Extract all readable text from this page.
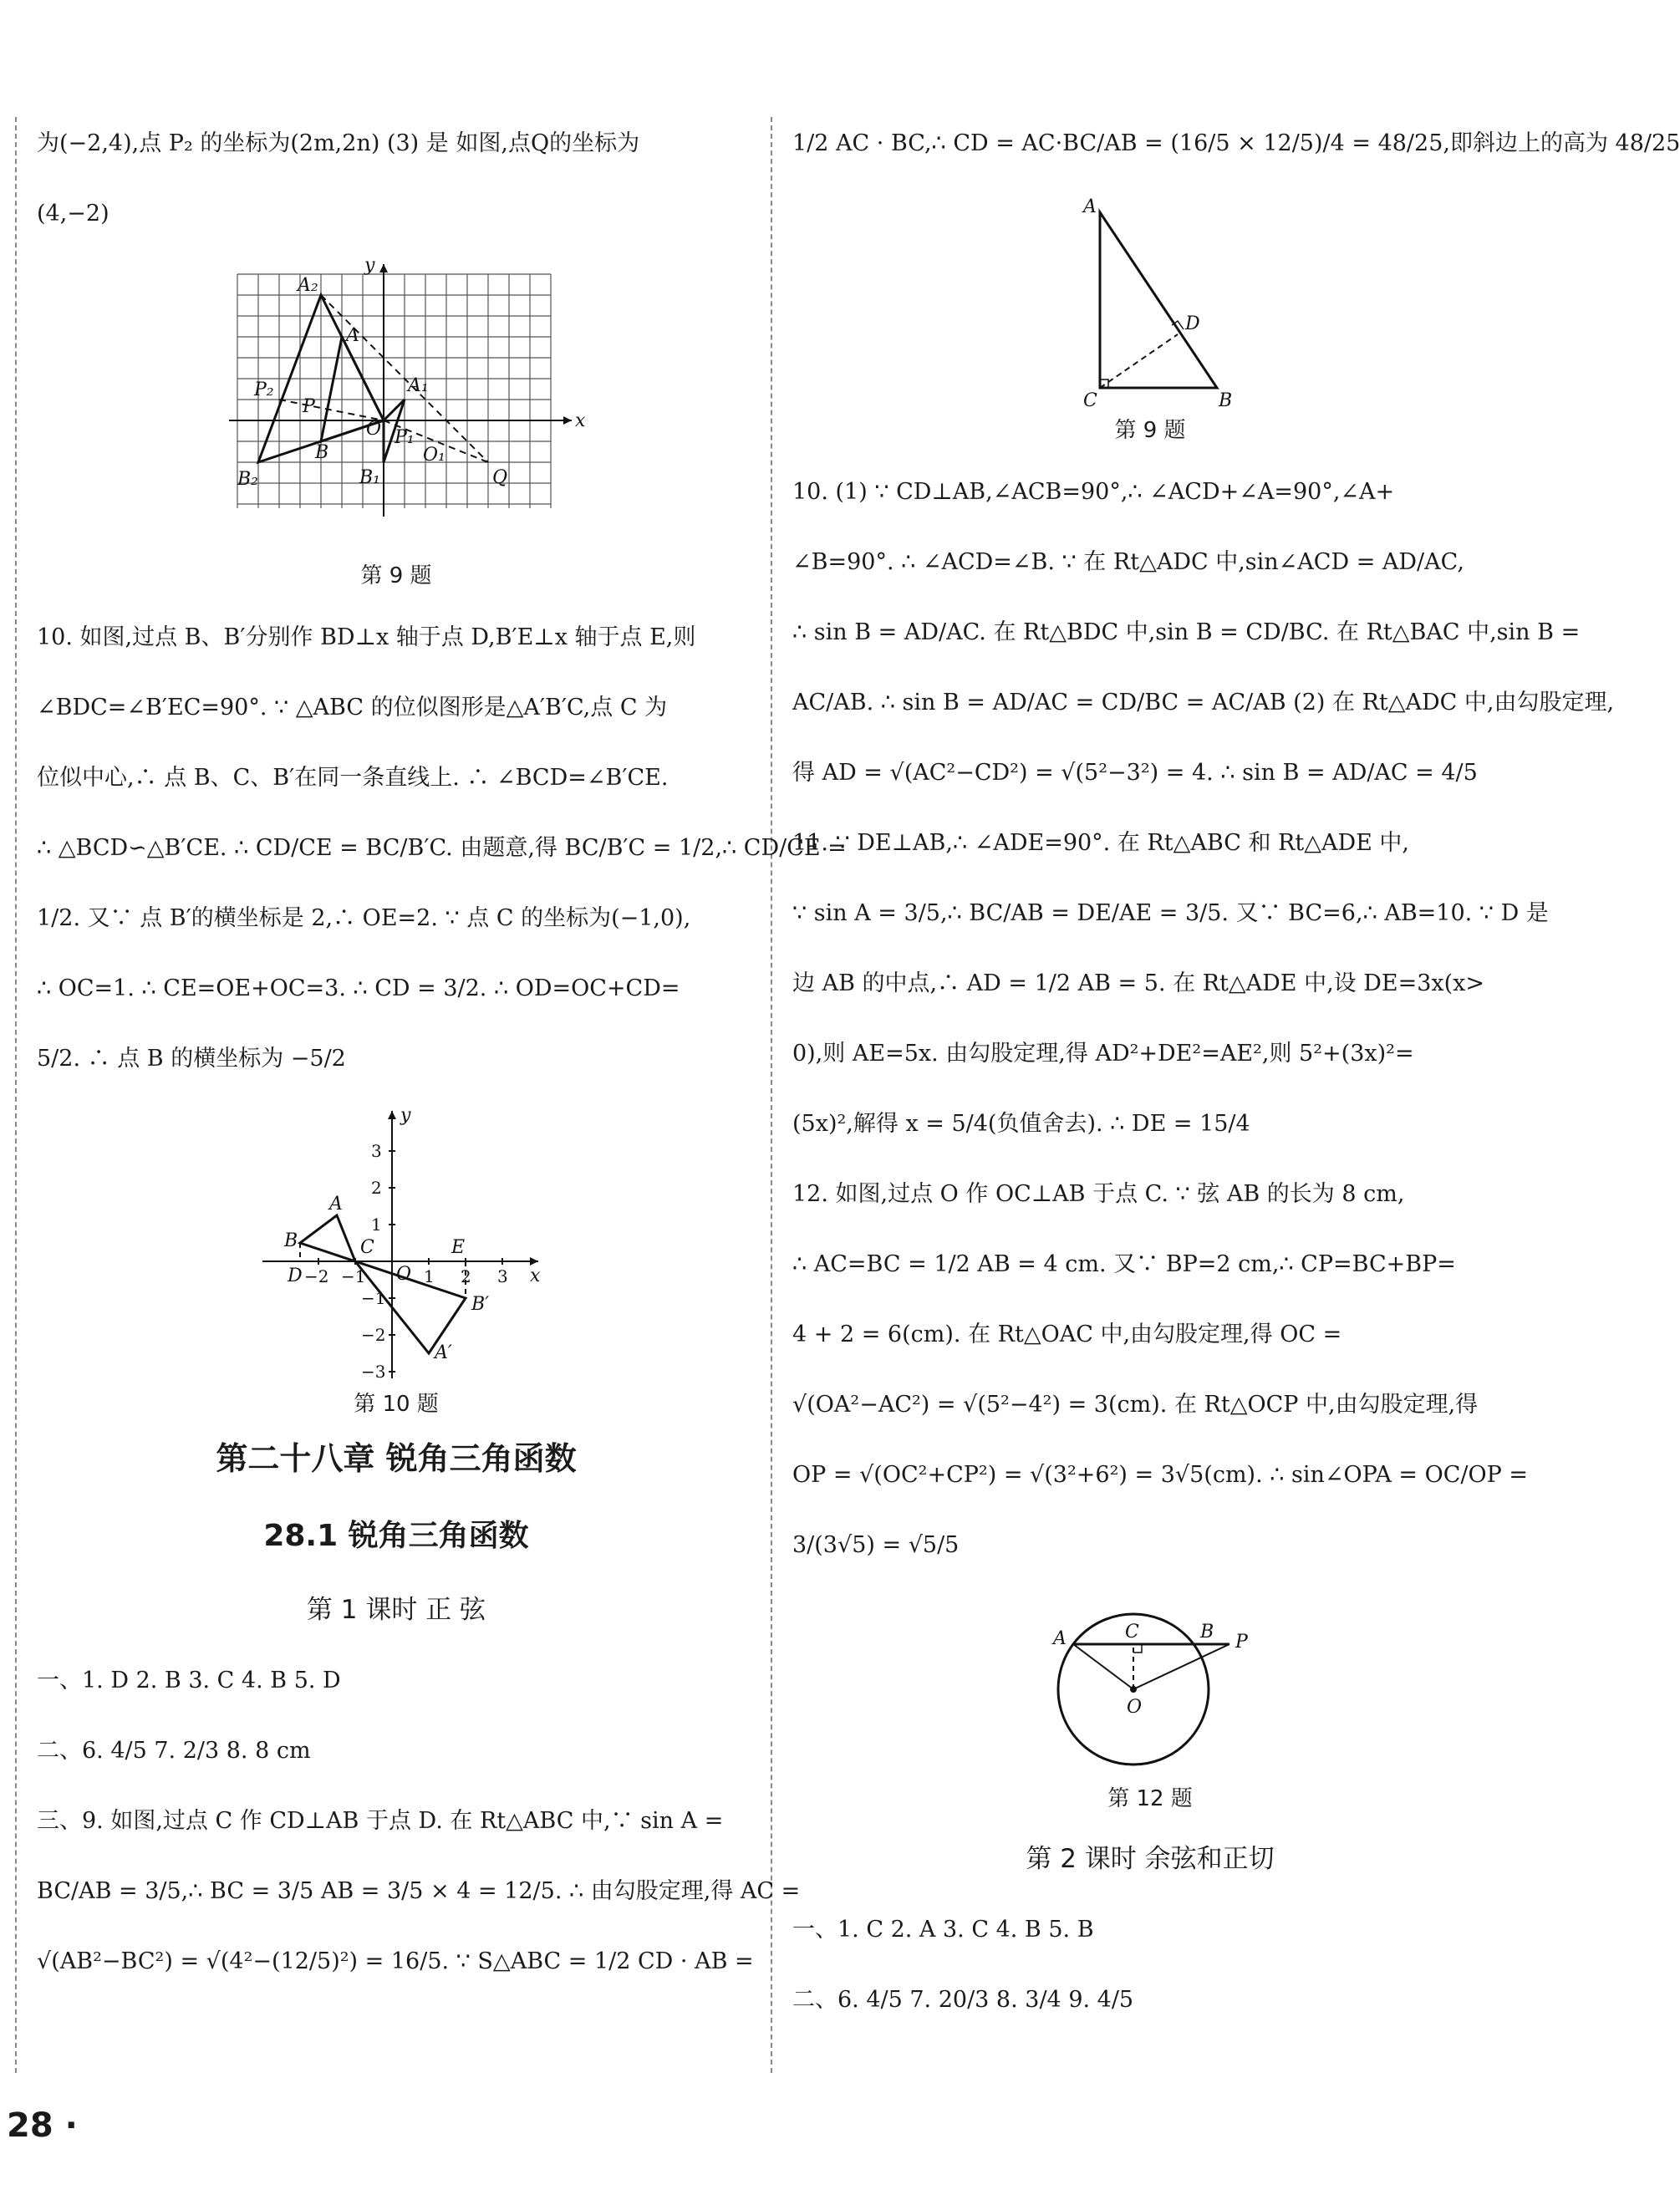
为(−2,4),点 P₂ 的坐标为(2m,2n) (3) 是 如图,点Q的坐标为

(4,−2)

y
x
A₂
A
P₂
P
A₁
O P₁
O₁
B
B₁
B₂	Q
第 9 题

10. 如图,过点 B、B′分别作 BD⊥x 轴于点 D,B′E⊥x 轴于点 E,则

∠BDC=∠B′EC=90°. ∵ △ABC 的位似图形是△A′B′C,点 C 为

位似中心,∴ 点 B、C、B′在同一条直线上. ∴ ∠BCD=∠B′CE.

∴ △BCD∽△B′CE. ∴ CD/CE = BC/B′C. 由题意,得 BC/B′C = 1/2,∴ CD/CE =

1/2. 又∵ 点 B′的横坐标是 2,∴ OE=2. ∵ 点 C 的坐标为(−1,0),

∴ OC=1. ∴ CE=OE+OC=3. ∴ CD = 3/2. ∴ OD=OC+CD=

5/2. ∴ 点 B 的横坐标为 −5/2

−2 −1	1 2 3
3
2
1
−1
−2
−3
y
x
A
B	C
D
E
O
A′
B′
第 10 题
第二十八章 锐角三角函数
28.1 锐角三角函数
第 1 课时 正 弦

一、1. D 2. B 3. C 4. B 5. D

二、6. 4/5 7. 2/3 8. 8 cm

三、9. 如图,过点 C 作 CD⊥AB 于点 D. 在 Rt△ABC 中,∵ sin A =

BC/AB = 3/5,∴ BC = 3/5 AB = 3/5 × 4 = 12/5. ∴ 由勾股定理,得 AC =

√(AB²−BC²) = √(4²−(12/5)²) = 16/5. ∵ S△ABC = 1/2 CD · AB =

1/2 AC · BC,∴ CD = AC·BC/AB = (16/5 × 12/5)/4 = 48/25,即斜边上的高为 48/25

A
D
C	B
第 9 题

10. (1) ∵ CD⊥AB,∠ACB=90°,∴ ∠ACD+∠A=90°,∠A+

∠B=90°. ∴ ∠ACD=∠B. ∵ 在 Rt△ADC 中,sin∠ACD = AD/AC,

∴ sin B = AD/AC. 在 Rt△BDC 中,sin B = CD/BC. 在 Rt△BAC 中,sin B =

AC/AB. ∴ sin B = AD/AC = CD/BC = AC/AB (2) 在 Rt△ADC 中,由勾股定理,

得 AD = √(AC²−CD²) = √(5²−3²) = 4. ∴ sin B = AD/AC = 4/5

11. ∵ DE⊥AB,∴ ∠ADE=90°. 在 Rt△ABC 和 Rt△ADE 中,

∵ sin A = 3/5,∴ BC/AB = DE/AE = 3/5. 又∵ BC=6,∴ AB=10. ∵ D 是

边 AB 的中点,∴ AD = 1/2 AB = 5. 在 Rt△ADE 中,设 DE=3x(x>

0),则 AE=5x. 由勾股定理,得 AD²+DE²=AE²,则 5²+(3x)²=

(5x)²,解得 x = 5/4(负值舍去). ∴ DE = 15/4

12. 如图,过点 O 作 OC⊥AB 于点 C. ∵ 弦 AB 的长为 8 cm,

∴ AC=BC = 1/2 AB = 4 cm. 又∵ BP=2 cm,∴ CP=BC+BP=

4 + 2 = 6(cm). 在 Rt△OAC 中,由勾股定理,得 OC =

√(OA²−AC²) = √(5²−4²) = 3(cm). 在 Rt△OCP 中,由勾股定理,得

OP = √(OC²+CP²) = √(3²+6²) = 3√5(cm). ∴ sin∠OPA = OC/OP =

3/(3√5) = √5/5

A	C	B P
O
第 12 题
第 2 课时 余弦和正切

一、1. C 2. A 3. C 4. B 5. B

二、6. 4/5 7. 20/3 8. 3/4 9. 4/5

28 ·
